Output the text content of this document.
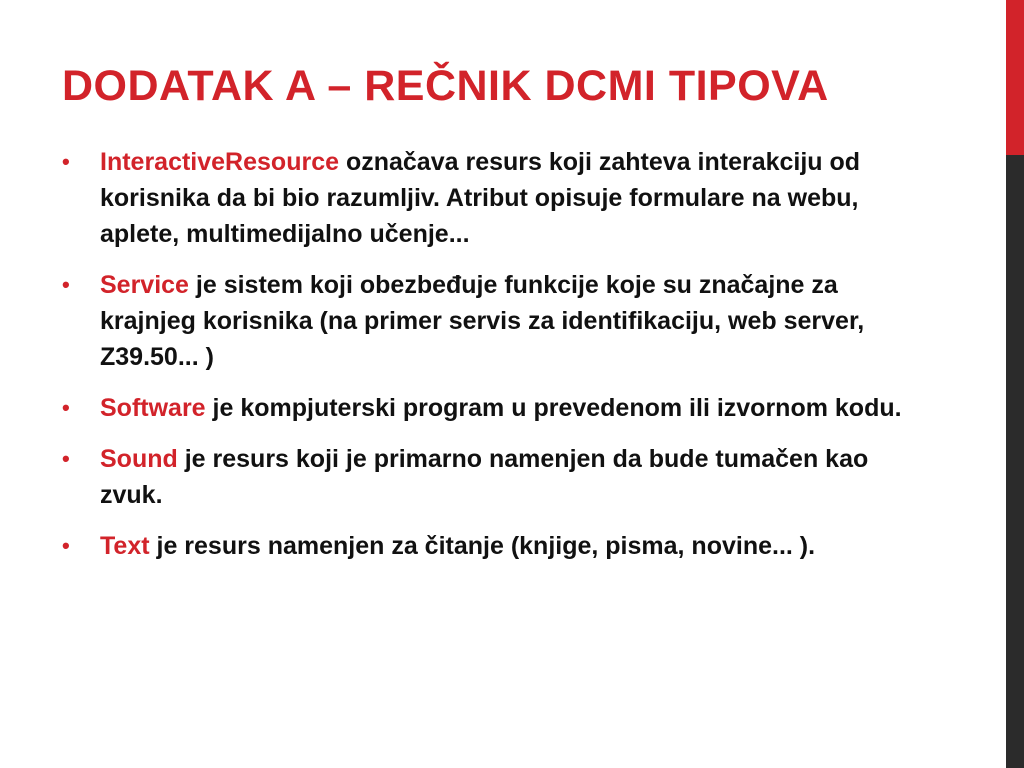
DODATAK A – REČNIK DCMI TIPOVA
• InteractiveResource označava resurs koji zahteva interakciju od korisnika da bi bio razumljiv. Atribut opisuje formulare na webu, aplete, multimedijalno učenje...
• Service je sistem koji obezbeđuje funkcije koje su značajne za krajnjeg korisnika (na primer servis za identifikaciju, web server, Z39.50... )
• Software je kompjuterski program u prevedenom ili izvornom kodu.
• Sound je resurs koji je primarno namenjen da bude tumačen kao zvuk.
• Text je resurs namenjen za čitanje (knjige, pisma, novine... ).
